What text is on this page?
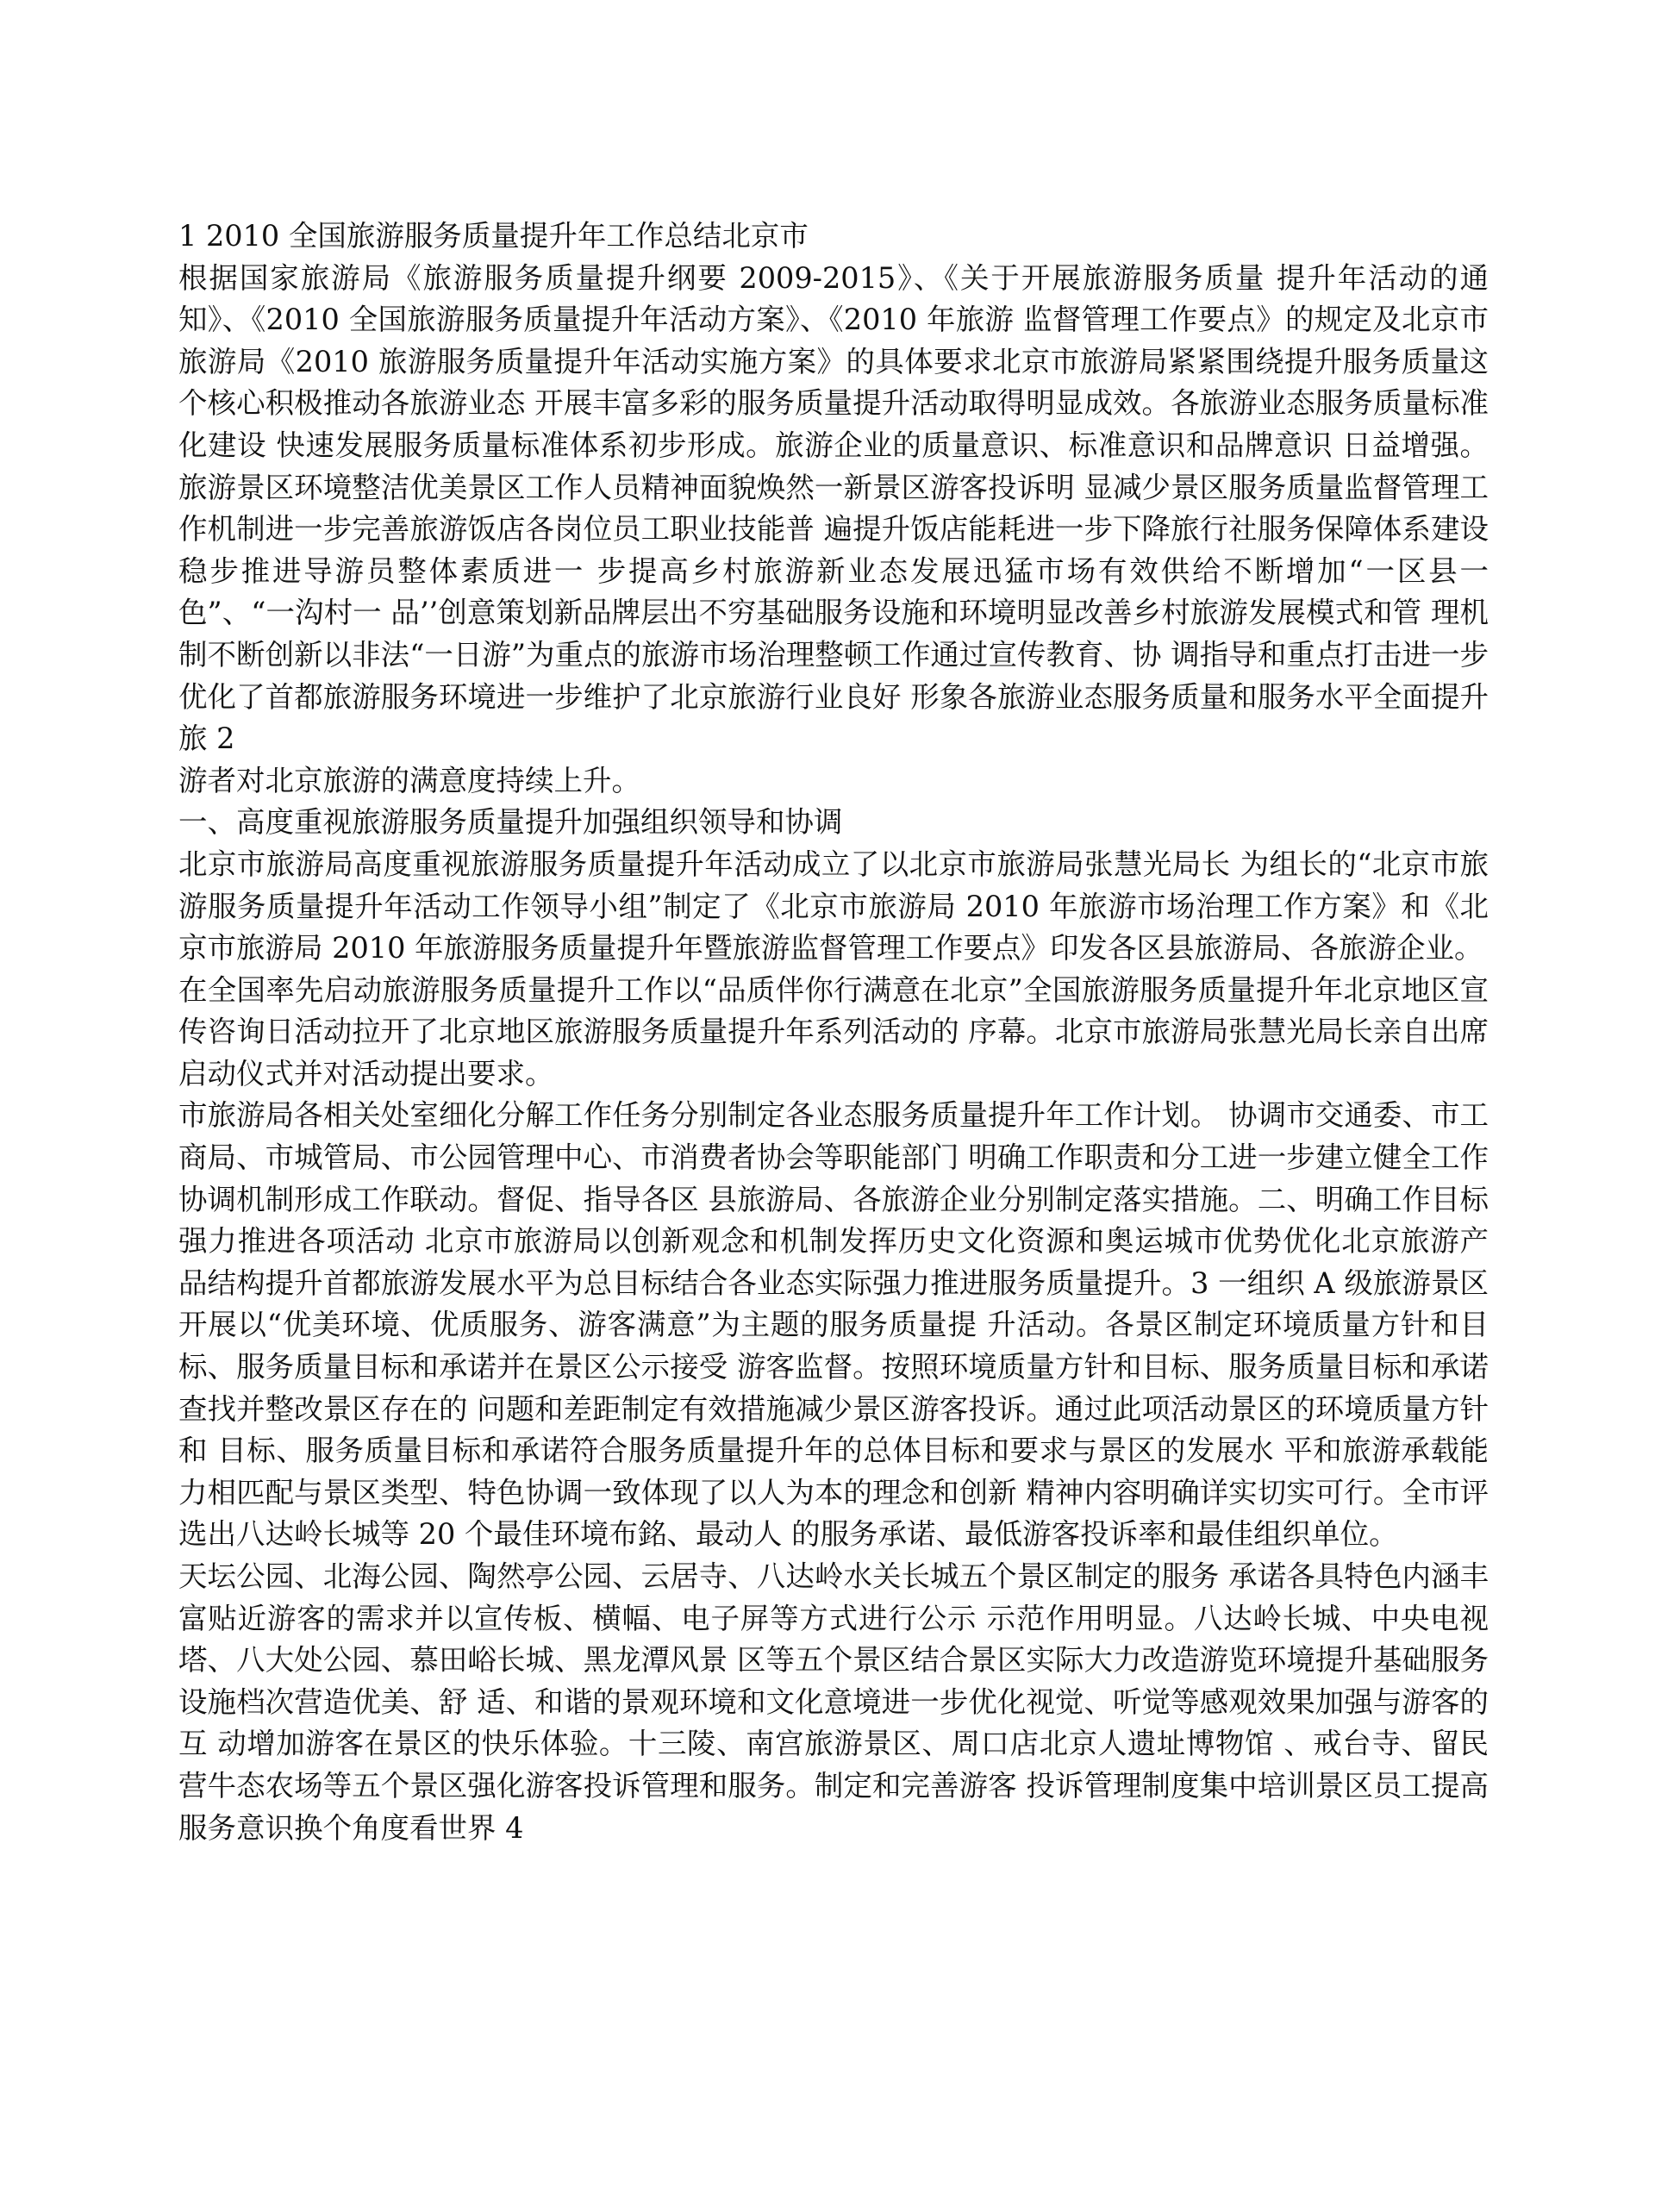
1 2010 全国旅游服务质量提升年工作总结北京市

根据国家旅游局《旅游服务质量提升纲要 2009-2015》、《关于开展旅游服务质量 提升年活动的通知》、《2010 全国旅游服务质量提升年活动方案》、《2010 年旅游 监督管理工作要点》的规定及北京市旅游局《2010 旅游服务质量提升年活动实施方案》的具体要求北京市旅游局紧紧围绕提升服务质量这个核心积极推动各旅游业态 开展丰富多彩的服务质量提升活动取得明显成效。各旅游业态服务质量标准化建设 快速发展服务质量标准体系初步形成。旅游企业的质量意识、标准意识和品牌意识 日益增强。旅游景区环境整洁优美景区工作人员精神面貌焕然一新景区游客投诉明 显减少景区服务质量监督管理工作机制进一步完善旅游饭店各岗位员工职业技能普 遍提升饭店能耗进一步下降旅行社服务保障体系建设稳步推进导游员整体素质进一 步提高乡村旅游新业态发展迅猛市场有效供给不断增加“一区县一色”、“一沟村一 品’’创意策划新品牌层出不穷基础服务设施和环境明显改善乡村旅游发展模式和管 理机制不断创新以非法“一日游”为重点的旅游市场治理整顿工作通过宣传教育、协 调指导和重点打击进一步优化了首都旅游服务环境进一步维护了北京旅游行业良好 形象各旅游业态服务质量和服务水平全面提升旅 2

游者对北京旅游的满意度持续上升。

一、高度重视旅游服务质量提升加强组织领导和协调

北京市旅游局高度重视旅游服务质量提升年活动成立了以北京市旅游局张慧光局长 为组长的“北京市旅游服务质量提升年活动工作领导小组”制定了《北京市旅游局 2010 年旅游市场治理工作方案》和《北京市旅游局 2010 年旅游服务质量提升年暨旅游监督管理工作要点》印发各区县旅游局、各旅游企业。

在全国率先启动旅游服务质量提升工作以“品质伴你行满意在北京”全国旅游服务质量提升年北京地区宣传咨询日活动拉开了北京地区旅游服务质量提升年系列活动的 序幕。北京市旅游局张慧光局长亲自出席启动仪式并对活动提出要求。

市旅游局各相关处室细化分解工作任务分别制定各业态服务质量提升年工作计划。 协调市交通委、市工商局、市城管局、市公园管理中心、市消费者协会等职能部门 明确工作职责和分工进一步建立健全工作协调机制形成工作联动。督促、指导各区 县旅游局、各旅游企业分别制定落实措施。二、明确工作目标强力推进各项活动 北京市旅游局以创新观念和机制发挥历史文化资源和奥运城市优势优化北京旅游产 品结构提升首都旅游发展水平为总目标结合各业态实际强力推进服务质量提升。3 一组织 A 级旅游景区开展以“优美环境、优质服务、游客满意”为主题的服务质量提 升活动。各景区制定环境质量方针和目标、服务质量目标和承诺并在景区公示接受 游客监督。按照环境质量方针和目标、服务质量目标和承诺查找并整改景区存在的 问题和差距制定有效措施减少景区游客投诉。通过此项活动景区的环境质量方针和 目标、服务质量目标和承诺符合服务质量提升年的总体目标和要求与景区的发展水 平和旅游承载能力相匹配与景区类型、特色协调一致体现了以人为本的理念和创新 精神内容明确详实切实可行。全市评选出八达岭长城等 20 个最佳环境布銘、最动人 的服务承诺、最低游客投诉率和最佳组织单位。

天坛公园、北海公园、陶然亭公园、云居寺、八达岭水关长城五个景区制定的服务 承诺各具特色内涵丰富贴近游客的需求并以宣传板、横幅、电子屏等方式进行公示 示范作用明显。八达岭长城、中央电视塔、八大处公园、慕田峪长城、黑龙潭风景 区等五个景区结合景区实际大力改造游览环境提升基础服务设施档次营造优美、舒 适、和谐的景观环境和文化意境进一步优化视觉、听觉等感观效果加强与游客的互 动增加游客在景区的快乐体验。十三陵、南宫旅游景区、周口店北京人遗址博物馆 、戒台寺、留民营牛态农场等五个景区强化游客投诉管理和服务。制定和完善游客 投诉管理制度集中培训景区员工提高服务意识换个角度看世界 4
